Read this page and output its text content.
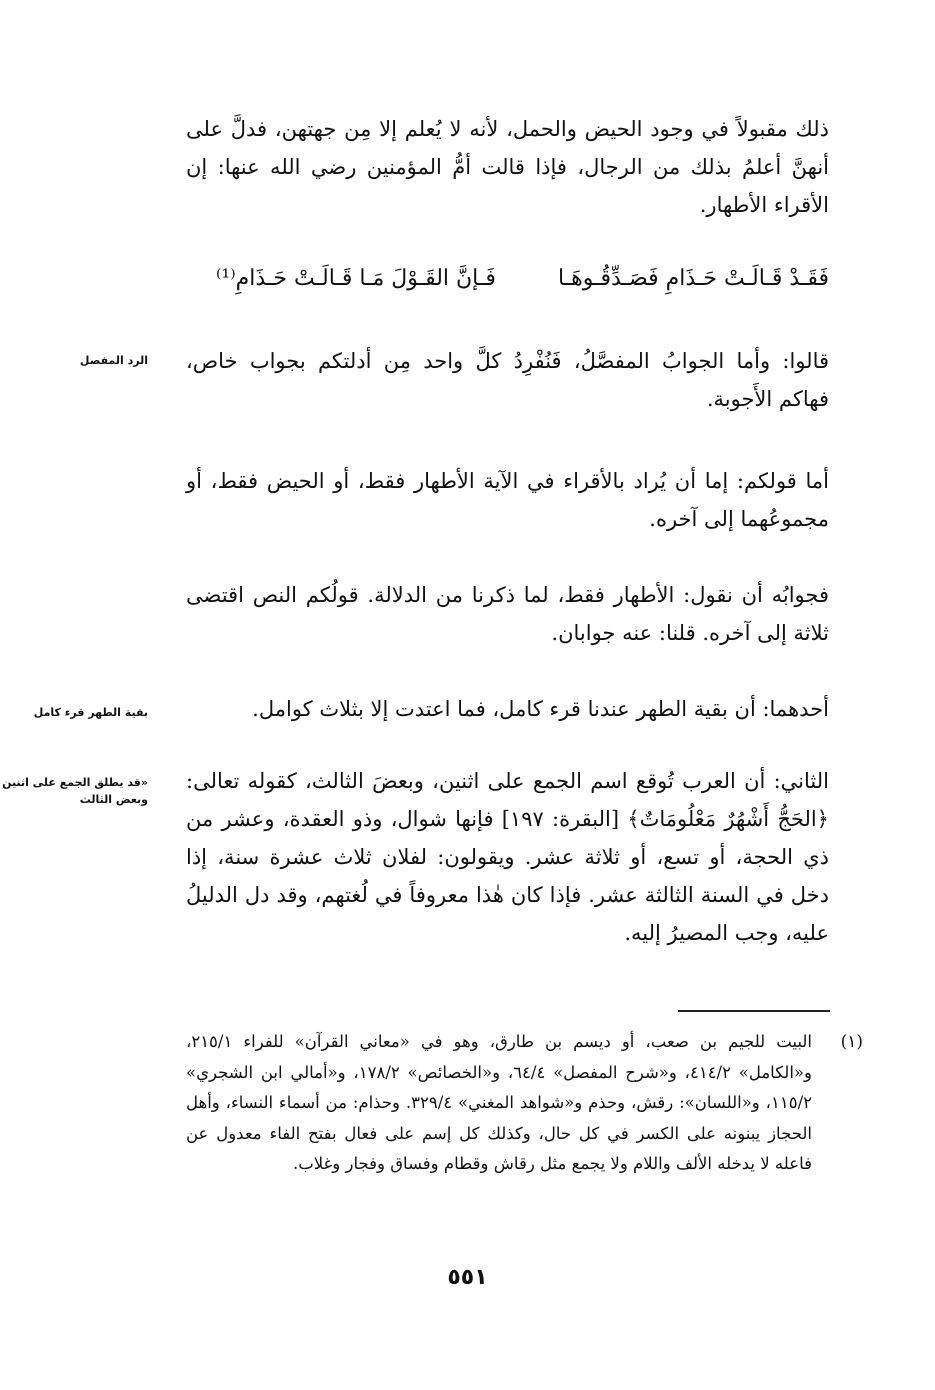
ذلك مقبولاً في وجود الحيض والحمل، لأنه لا يُعلم إلا مِن جهتهن، فدلَّ على أنهنَّ أعلمُ بذلك من الرجال، فإذا قالت أمُّ المؤمنين رضي الله عنها: إن الأقراء الأطهار.

فَقَـدْ قَـالَـتْ حَـذَامِ فَصَـدِّقُـوهَـا
فَـإنَّ القَـوْلَ مَـا قَـالَـتْ حَـذَامِ⁽¹⁾
الرد المفصل قالوا: وأما الجوابُ المفصَّلُ، فَنُفْرِدُ كلَّ واحد مِن أدلتكم بجواب خاص، فهاكم الأَجوبة.

أما قولكم: إما أن يُراد بالأقراء في الآية الأطهار فقط، أو الحيض فقط، أو مجموعُهما إلى آخره.

فجوابُه أن نقول: الأطهار فقط، لما ذكرنا من الدلالة. قولُكم النص اقتضى ثلاثة إلى آخره. قلنا: عنه جوابان.

بقية الطهر قرء كامل	أحدهما: أن بقية الطهر عندنا قرء كامل، فما اعتدت إلا بثلاث كوامل.

«قد يطلق الجمع على اثنين وبعض الثالث

الثاني: أن العرب تُوقع اسم الجمع على اثنين، وبعضَ الثالث، كقوله تعالى: ﴿الحَجُّ أَشْهُرٌ مَعْلُومَاتٌ﴾ [البقرة: ١٩٧] فإنها شوال، وذو العقدة، وعشر من ذي الحجة، أو تسع، أو ثلاثة عشر. ويقولون: لفلان ثلاث عشرة سنة، إذا دخل في السنة الثالثة عشر. فإذا كان هٰذا معروفاً في لُغتهم، وقد دل الدليلُ عليه، وجب المصيرُ إليه.

(١)

البيت للجيم بن صعب، أو ديسم بن طارق، وهو في «معاني القرآن» للفراء ٢١٥/١، و«الكامل» ٤١٤/٢، و«شرح المفصل» ٦٤/٤، و«الخصائص» ١٧٨/٢، و«أمالي ابن الشجري» ١١٥/٢، و«اللسان»: رقش، وحذم و«شواهد المغني» ٣٢٩/٤. وحذام: من أسماء النساء، وأهل الحجاز يبنونه على الكسر في كل حال، وكذلك كل إسم على فعال بفتح الفاء معدول عن فاعله لا يدخله الألف واللام ولا يجمع مثل رقاش وقطام وفساق وفجار وغلاب.

٥٥١
